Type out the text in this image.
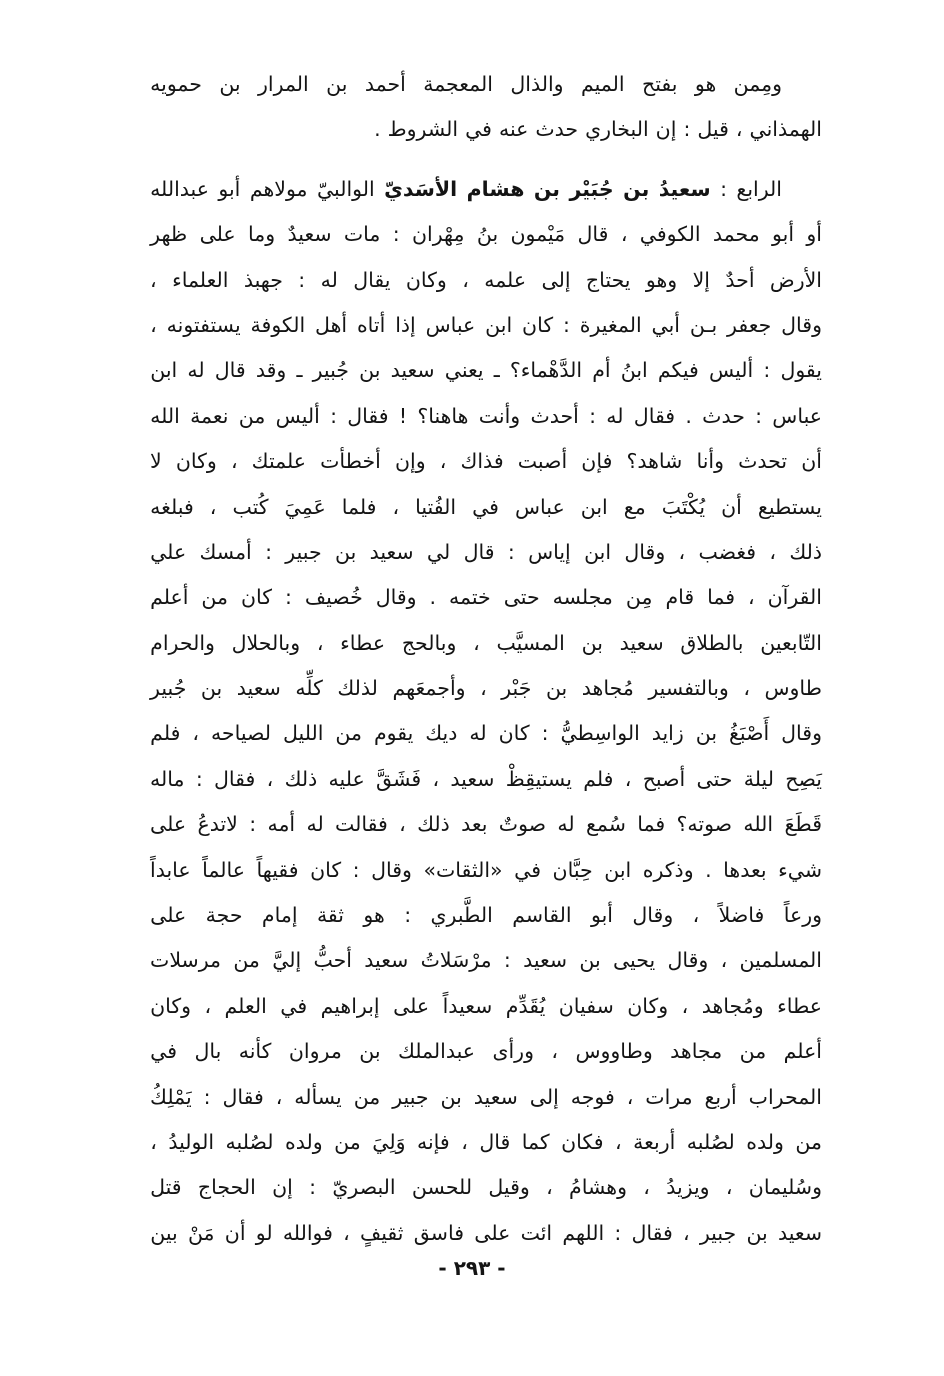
ومِمن
هو
بفتح
الميم
والذال
المعجمة
أحمد
بن
المرار
بن
حمويه
الهمذاني
،
قيل
:
إن
البخاري
حدث
عنه
في
الشروط
.
الرابع
:
سعيدُ
بن
جُبَيْر
بن
هشام
الأسَديّ
الوالبيّ
مولاهم
أبو
عبدالله
أو
أبو
محمد
الكوفي
،
قال
مَيْمون
بنُ
مِهْران
:
مات
سعيدٌ
وما
على
ظهر
الأرض
أحدٌ
إلا
وهو
يحتاج
إلى
علمه
،
وكان
يقال
له
:
جهبذ
العلماء
،
وقال
جعفر
بـن
أبي
المغيرة
:
كان
ابن
عباس
إذا
أتاه
أهل
الكوفة
يستفتونه
،
يقول
:
أليس
فيكم
ابنُ
أم
الدَّهْماء؟
ـ
يعني
سعيد
بن
جُبير
ـ
وقد
قال
له
ابن
عباس
:
حدث
.
فقال
له
:
أحدث
وأنت
هاهنا؟
!
فقال
:
أليس
من
نعمة
الله
أن
تحدث
وأنا
شاهد؟
فإن
أصبت
فذاك
،
وإن
أخطأت
علمتك
،
وكان
لا
يستطيع
أن
يُكْتَبَ
مع
ابن
عباس
في
الفُتيا
،
فلما
عَمِيَ
كُتب
،
فبلغه
ذلك
،
فغضب
،
وقال
ابن
إياس
:
قال
لي
سعيد
بن
جبير
:
أمسك
علي
القرآن
،
فما
قام
مِن
مجلسه
حتى
ختمه
.
وقال
خُصيف
:
كان
من
أعلم
التّابعين
بالطلاق
سعيد
بن
المسيَّب
،
وبالحج
عطاء
،
وبالحلال
والحرام
طاوس
،
وبالتفسير
مُجاهد
بن
جَبْر
،
وأجمعَهم
لذلك
كلِّه
سعيد
بن
جُبير
وقال
أَصْبَغُ
بن
زايد
الواسِطيُّ
:
كان
له
ديك
يقوم
من
الليل
لصياحه
،
فلم
يَصِح
ليلة
حتى
أصبح
،
فلم
يستيقِظْ
سعيد
،
فَشَقَّ
عليه
ذلك
،
فقال
:
ماله
قَطَعَ
الله
صوته؟
فما
سُمع
له
صوتٌ
بعد
ذلك
،
فقالت
له
أمه
:
لاتدعُ
على
شيء
بعدها
.
وذكره
ابن
حِبَّان
في
«الثقات»
وقال
:
كان
فقيهاً
عالماً
عابداً
ورعاً
فاضلاً
،
وقال
أبو
القاسم
الطَّبري
:
هو
ثقة
إمام
حجة
على
المسلمين
،
وقال
يحيى
بن
سعيد
:
مرْسَلاتُ
سعيد
أحبُّ
إليَّ
من
مرسلات
عطاء
ومُجاهد
،
وكان
سفيان
يُقَدِّم
سعيداً
على
إبراهيم
في
العلم
،
وكان
أعلم
من
مجاهد
وطاووس
،
ورأى
عبدالملك
بن
مروان
كأنه
بال
في
المحراب
أربع
مرات
،
فوجه
إلى
سعيد
بن
جبير
من
يسأله
،
فقال
:
يَمْلِكُ
من
ولده
لصُلبه
أربعة
،
فكان
كما
قال
،
فإنه
وَلِيَ
من
ولده
لصُلبه
الوليدُ
،
وسُليمان
،
ويزيدُ
،
وهشامُ
،
وقيل
للحسن
البصريّ
:
إن
الحجاج
قتل
سعيد
بن
جبير
،
فقال
:
اللهم
ائت
على
فاسق
ثقيفٍ
،
فوالله
لو
أن
مَنْ
بين
- ٢٩٣ -
